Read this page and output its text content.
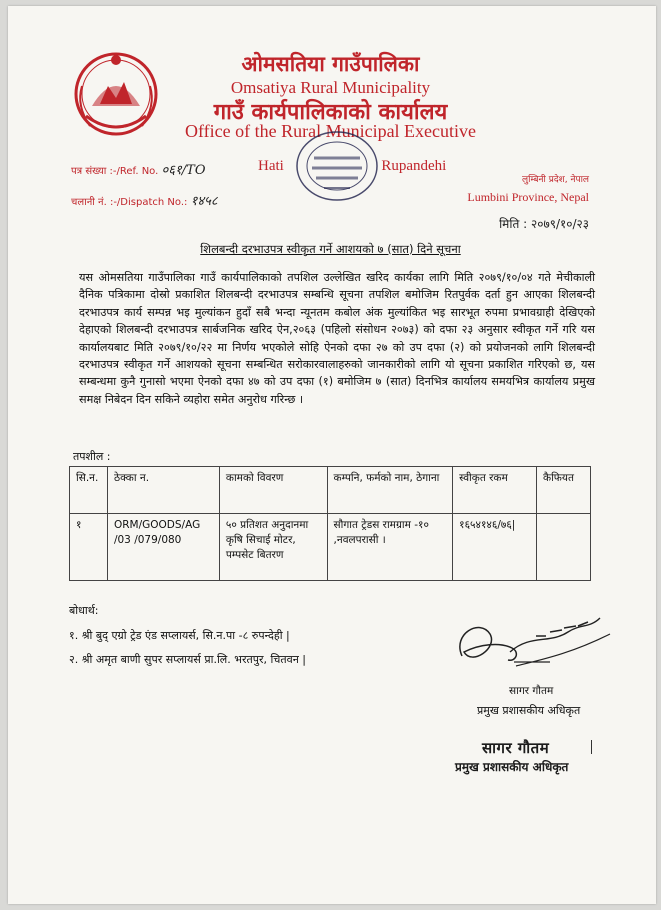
ओमसतिया गाउँपालिका
Omsatiya Rural Municipality
गाउँ कार्यपालिकाको कार्यालय
Office of the Rural Municipal Executive
Hati                          Rupandehi
पत्र संख्या :-/Ref. No. ०६१/ТО
चलानी नं. :-/Dispatch No.: १४५८
लुम्बिनी प्रदेश, नेपाल
Lumbini Province, Nepal
मिति : २०७९/१०/२३
शिलबन्दी दरभाउपत्र स्वीकृत गर्ने आशयको ७ (सात) दिने सूचना
यस ओमसतिया गाउँपालिका गाउँ कार्यपालिकाको तपशिल उल्लेखित खरिद कार्यका लागि मिति २०७९/१०/०४ गते मेचीकाली दैनिक पत्रिकामा दोस्रो प्रकाशित शिलबन्दी दरभाउपत्र सम्बन्धि सूचना तपशिल बमोजिम रितपुर्वक दर्ता हुन आएका शिलबन्दी दरभाउपत्र कार्य सम्पन्न भइ मुल्यांकन हुदाँ सबै भन्दा न्यूनतम कबोल अंक मुल्यांकित भइ सारभूत रुपमा प्रभावग्राही देखिएको देहाएको शिलबन्दी दरभाउपत्र सार्बजनिक खरिद ऐन,२०६३ (पहिलो संसोधन २०७३) को दफा २३ अनुसार स्वीकृत गर्ने गरि यस कार्यालयबाट मिति २०७९/१०/२२ मा निर्णय भएकोले सोहि ऐनको दफा २७ को उप दफा (२) को प्रयोजनको लागि शिलबन्दी दरभाउपत्र स्वीकृत गर्ने आशयको सूचना सम्बन्धित सरोकारवालाहरुको जानकारीको लागि यो सूचना प्रकाशित गरिएको छ, यस सम्बन्धमा कुनै गुनासो भएमा ऐनको दफा ४७ को उप दफा (१) बमोजिम ७ (सात) दिनभित्र कार्यालय समयभित्र कार्यालय प्रमुख समक्ष निबेदन दिन सकिने व्यहोरा समेत अनुरोध गरिन्छ ।
तपशील :
सि.न.	ठेक्का न.	कामको विवरण	कम्पनि, फर्मको नाम, ठेगाना	स्वीकृत रकम	कैफियत
१	ORM/GOODS/AG /03 /079/080	५० प्रतिशत अनुदानमा कृषि सिचाई मोटर, पम्पसेट बितरण	सौगात ट्रेडस रामग्राम -१० ,नवलपरासी ।	१६५४१४६/७६|	
बोधार्थ:
१. श्री बुद् एग्रो ट्रेड एंड सप्लायर्स, सि.न.पा -८ रुपन्देही |
२. श्री अमृत बाणी सुपर सप्लायर्स प्रा.लि. भरतपुर, चितवन |
सागर गौतम
प्रमुख प्रशासकीय अधिकृत
सागर गौतम
प्रमुख प्रशासकीय अधिकृत
